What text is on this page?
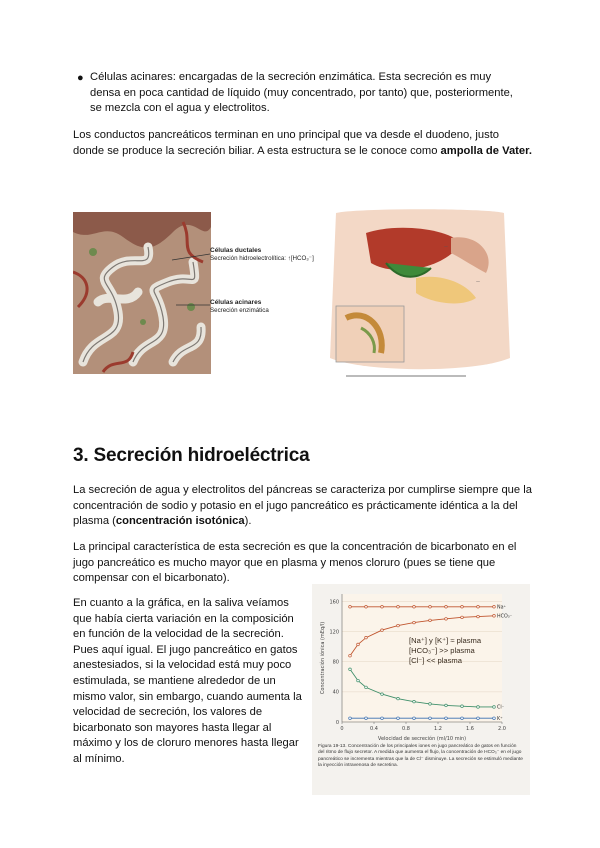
● Células acinares: encargadas de la secreción enzimática. Esta secreción es muy densa en poca cantidad de líquido (muy concentrado, por tanto) que, posteriormente, se mezcla con el agua y electrolitos.
Los conductos pancreáticos terminan en uno principal que va desde el duodeno, justo donde se produce la secreción biliar. A esta estructura se le conoce como ampolla de Vater.
Células ductales
Secreción hidroelectrolítica: ↑[HCO₃⁻]
Células acinares
Secreción enzimática
—
—
3. Secreción hidroeléctrica
La secreción de agua y electrolitos del páncreas se caracteriza por cumplirse siempre que la concentración de sodio y potasio en el jugo pancreático es prácticamente idéntica a la del plasma (concentración isotónica).
La principal característica de esta secreción es que la concentración de bicarbonato en el jugo pancreático es mucho mayor que en plasma y menos cloruro (pues se tiene que compensar con el bicarbonato).
En cuanto a la gráfica, en la saliva veíamos que había cierta variación en la composición en función de la velocidad de la secreción. Pues aquí igual. El jugo pancreático en gatos anestesiados, si la velocidad está muy poco estimulada, se mantiene alrededor de un mismo valor, sin embargo, cuando aumenta la velocidad de secreción, los valores de bicarbonato son mayores hasta llegar al máximo y los de cloruro menores hasta llegar al mínimo.
0
40
80
120
160
0	0.4	0.8	1.2	1.6	2.0
Na⁺
HCO₃⁻
Cl⁻
K⁺
Concentración iónica (mEq/l)
Velocidad de secreción (ml/10 min)
[Na⁺] y [K⁺] ≈ plasma
[HCO₃⁻] >> plasma
[Cl⁻] << plasma
Figura 19-13. Concentración de los principales iones en jugo pancreático de gatos en función del ritmo de flujo secretor. A medida que aumenta el flujo, la concentración de HCO₃⁻ en el jugo pancreático se incrementa mientras que la de Cl⁻ disminuye. La secreción se estimuló mediante la inyección intravenosa de secretina.
